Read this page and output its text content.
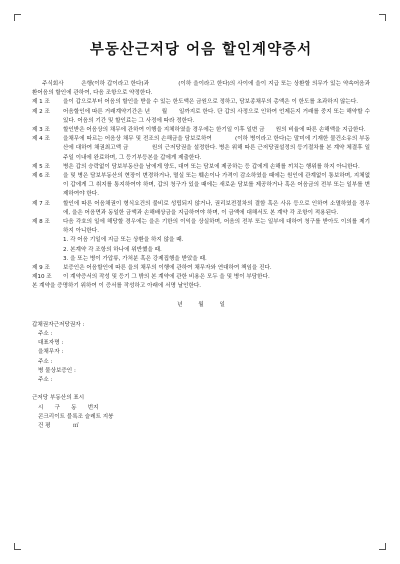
부동산근저당 어음 할인계약증서

주식회사　　　은행(이하 갑이라고 한다)과　　　　　(이하 을이라고 한다)의 사이에 을이 지급 또는 상환할 의무가 있는 약속어음과 환어음의 할인에 관하여, 다음 조항으로 약정한다.

제 1 조 을이 갑으로부터 어음의 할인을 받을 수 있는 한도액은 금원으로 정하고, 담보종채무의 총액은 이 한도를 초과하지 않는다.

제 2 조 어음할인에 따른 거래계약기간은 년　　월　　일까지로 한다. 단 갑의 사정으로 인하여 언제든지 거래를 중지 또는 해약할 수 있다. 어음의 기간 및 할인료는 그 사정에 따라 정한다.

제 3 조 할인받은 어음상의 채무에 관하여 이행을 지체하였을 경우에는 한기일 이후 일변 금　　원의 비율에 따른 손해액을 지급한다.

제 4 조 을채무에 따르는 어음상 채무 및 전조의 손해금을 담보로하여　　　　(이하 병이라고 한다)는 말미에 기재한 물건소유의 부동산에 대하여 채권최고액 금　　　　원의 근저당권을 설정한다. 병은 위해 따른 근저당권설정의 등기절차를 본 계약 체결후 일주일 이내에 완료하며, 그 등기부등본을 갑에게 제출한다.

제 5 조 병은 갑의 승락없이 담보부동산을 남에게 양도, 대여 또는 담보에 제공하는 등 갑에게 손해를 끼치는 행위를 하지 아니한다.

제 6 조 을 및 병은 담보부동산의 현장이 변경하거나, 멸실 또는 훼손이나 가격이 감소하였을 때에는 원인에 관계없이 통보하며, 지체없이 갑에게 그 취지를 통지하여야 하며, 갑의 청구가 있을 때에는 새로운 담보를 제공하거나 혹은 어음금의 전부 또는 일부를 변제하여야 한다.

제 7 조 할인에 따른 어음채권이 형식요건의 불비로 성립되지 않거나, 권리보전절차의 결함 혹은 사유 등으로 인하여 소멸하였을 경우에, 을은 어음면과 동일한 금액과 손해배상금을 지급하여야 하며, 이 금액에 대해서도 본 계약 각 조항이 적용된다.

제 8 조 다음 각호의 일에 해당할 경우에는 을은 기한의 이익을 상실하며, 어음의 전부 또는 일부에 대하여 청구를 받아도 이의를 제기하지 아니한다.

1. 각 어음 기일에 지급 또는 상환을 하지 않을 때.

2. 본계약 각 조항의 하나에 위반했을 때.

3. 을 또는 병이 가압류, 가처분 혹은 강제집행을 받았을 때.

제 9 조 보증인은 어음할인에 따른 을의 채무의 이행에 관하여 채무자와 연대하여 책임을 진다.

제10 조 이 계약증서의 작성 및 등기 그 밖의 본 계약에 관한 비용은 모두 을 및 병이 부담한다.

본 계약을 증명하기 위하여 이 증서를 작성하고 아래에 서명 날인한다.

년	월	일

갑채권자근저당권자 :

주소 :

대표자명 :

을채무자 :

주소 :

병 물상보증인 :

주소 :

근저당 부동산의 표시

시　　구　　동　　번지

콘크리이트 블록조 슬레트 지붕

건 평　　　　㎡
